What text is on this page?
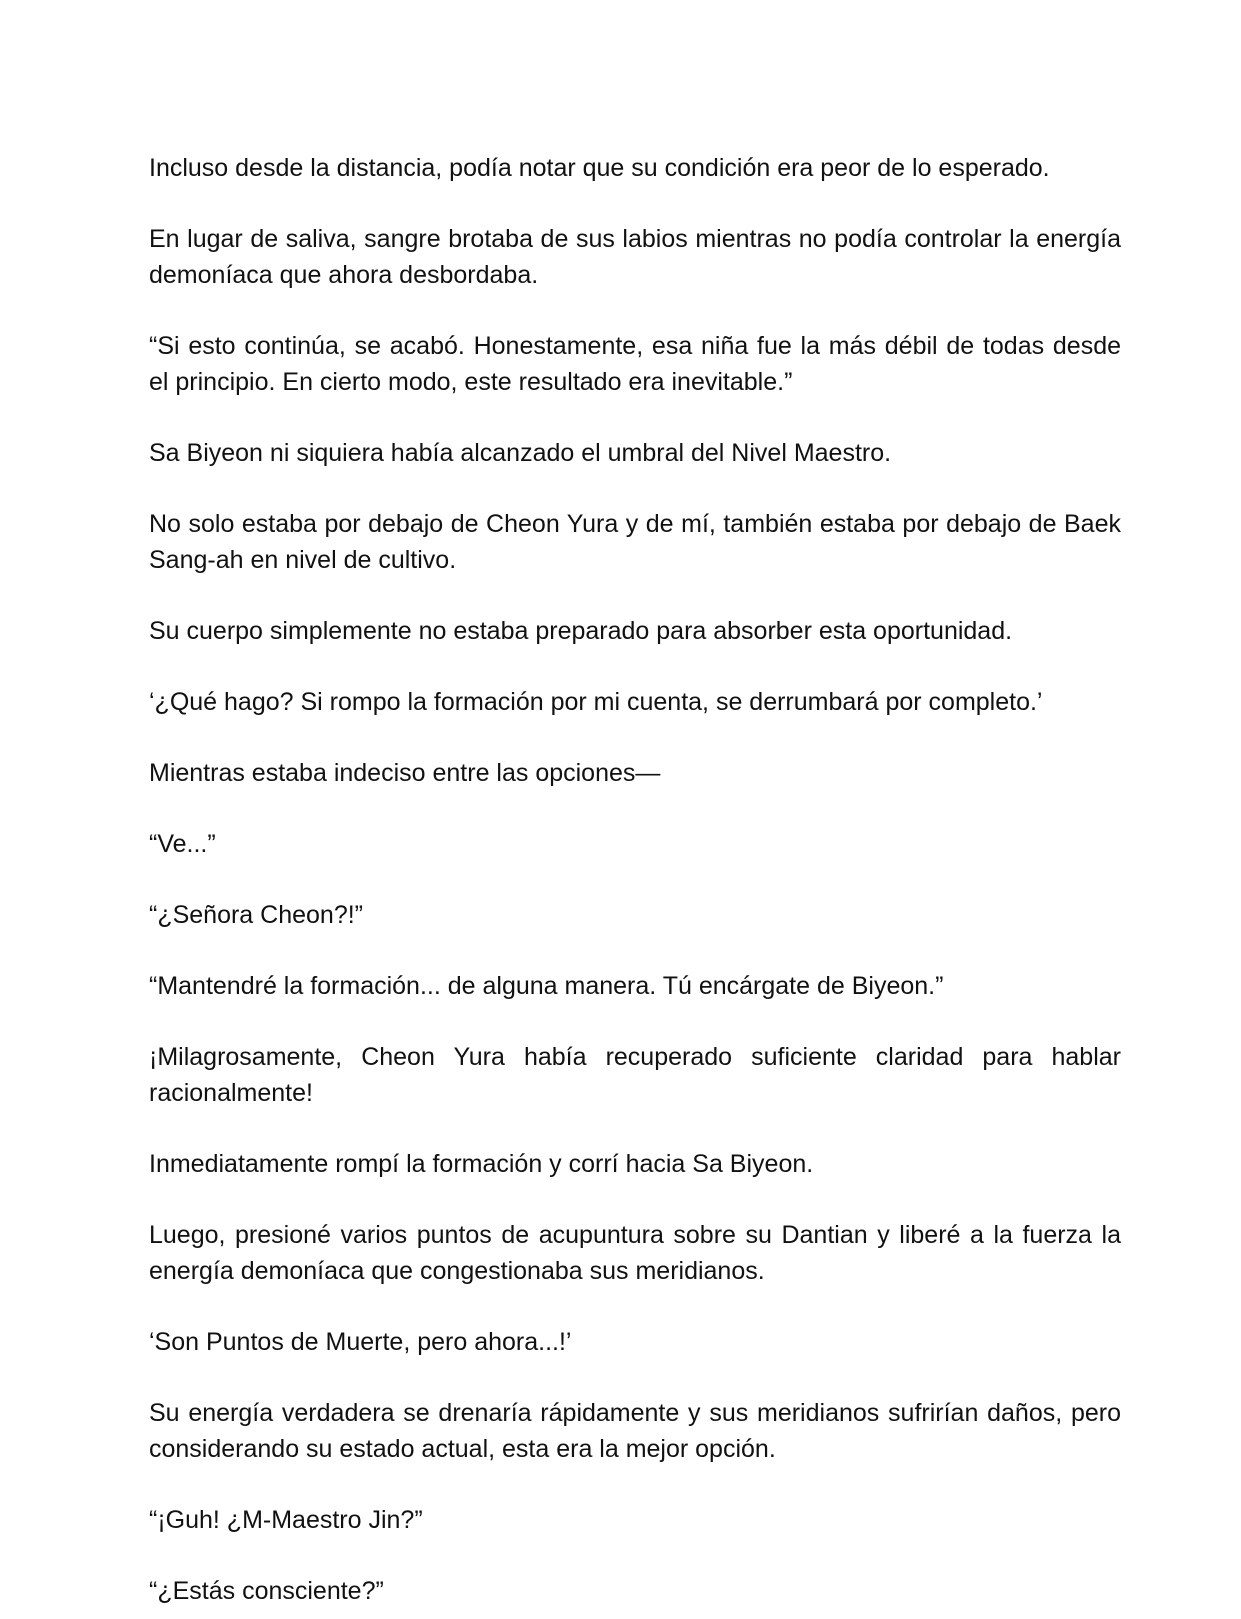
Incluso desde la distancia, podía notar que su condición era peor de lo esperado.

En lugar de saliva, sangre brotaba de sus labios mientras no podía controlar la energía demoníaca que ahora desbordaba.

“Si esto continúa, se acabó. Honestamente, esa niña fue la más débil de todas desde el principio. En cierto modo, este resultado era inevitable.”

Sa Biyeon ni siquiera había alcanzado el umbral del Nivel Maestro.

No solo estaba por debajo de Cheon Yura y de mí, también estaba por debajo de Baek Sang-ah en nivel de cultivo.

Su cuerpo simplemente no estaba preparado para absorber esta oportunidad.

‘¿Qué hago? Si rompo la formación por mi cuenta, se derrumbará por completo.’

Mientras estaba indeciso entre las opciones—

“Ve...”

“¿Señora Cheon?!”

“Mantendré la formación... de alguna manera. Tú encárgate de Biyeon.”

¡Milagrosamente, Cheon Yura había recuperado suficiente claridad para hablar racionalmente!

Inmediatamente rompí la formación y corrí hacia Sa Biyeon.

Luego, presioné varios puntos de acupuntura sobre su Dantian y liberé a la fuerza la energía demoníaca que congestionaba sus meridianos.

‘Son Puntos de Muerte, pero ahora...!’

Su energía verdadera se drenaría rápidamente y sus meridianos sufrirían daños, pero considerando su estado actual, esta era la mejor opción.

“¡Guh! ¿M-Maestro Jin?”

“¿Estás consciente?”
